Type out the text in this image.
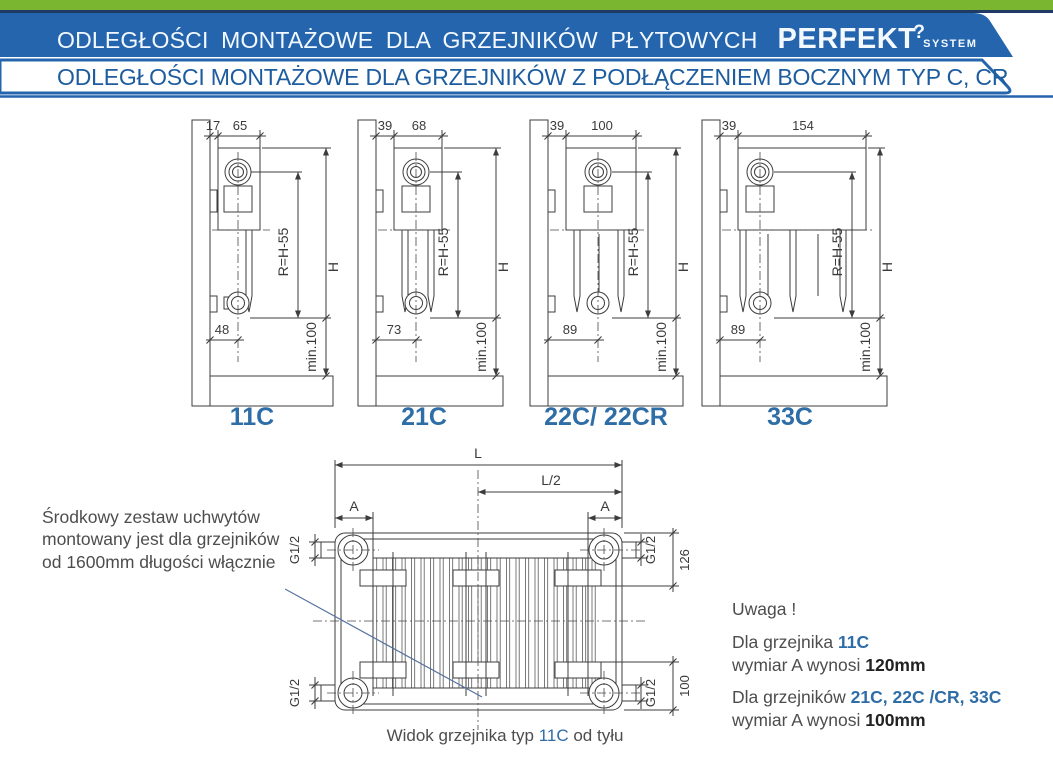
ODLEGŁOŚCI MONTAŻOWE DLA GRZEJNIKÓW PŁYTOWYCH PERFEKT?SYSTEM
ODLEGŁOŚCI MONTAŻOWE DLA GRZEJNIKÓW Z PODŁĄCZENIEM BOCZNYM TYP C, CR
17 65
H
R=H-55
min.100
48
11C
39 68
H
R=H-55
min.100
73
21C
39 100
H
R=H-55
min.100
89
22C/ 22CR
39	154
H
R=H-55
min.100
89
33C
L
L/2
A	A
G1/2
G1/2
G1/2
G1/2
126
100
Środkowy zestaw uchwytów
montowany jest dla grzejników
od 1600mm długości włącznie
Uwaga !

Dla grzejnika 11C
wymiar A wynosi 120mm

Dla grzejników 21C, 22C /CR, 33C
wymiar A wynosi 100mm

Widok grzejnika typ 11C od tyłu
